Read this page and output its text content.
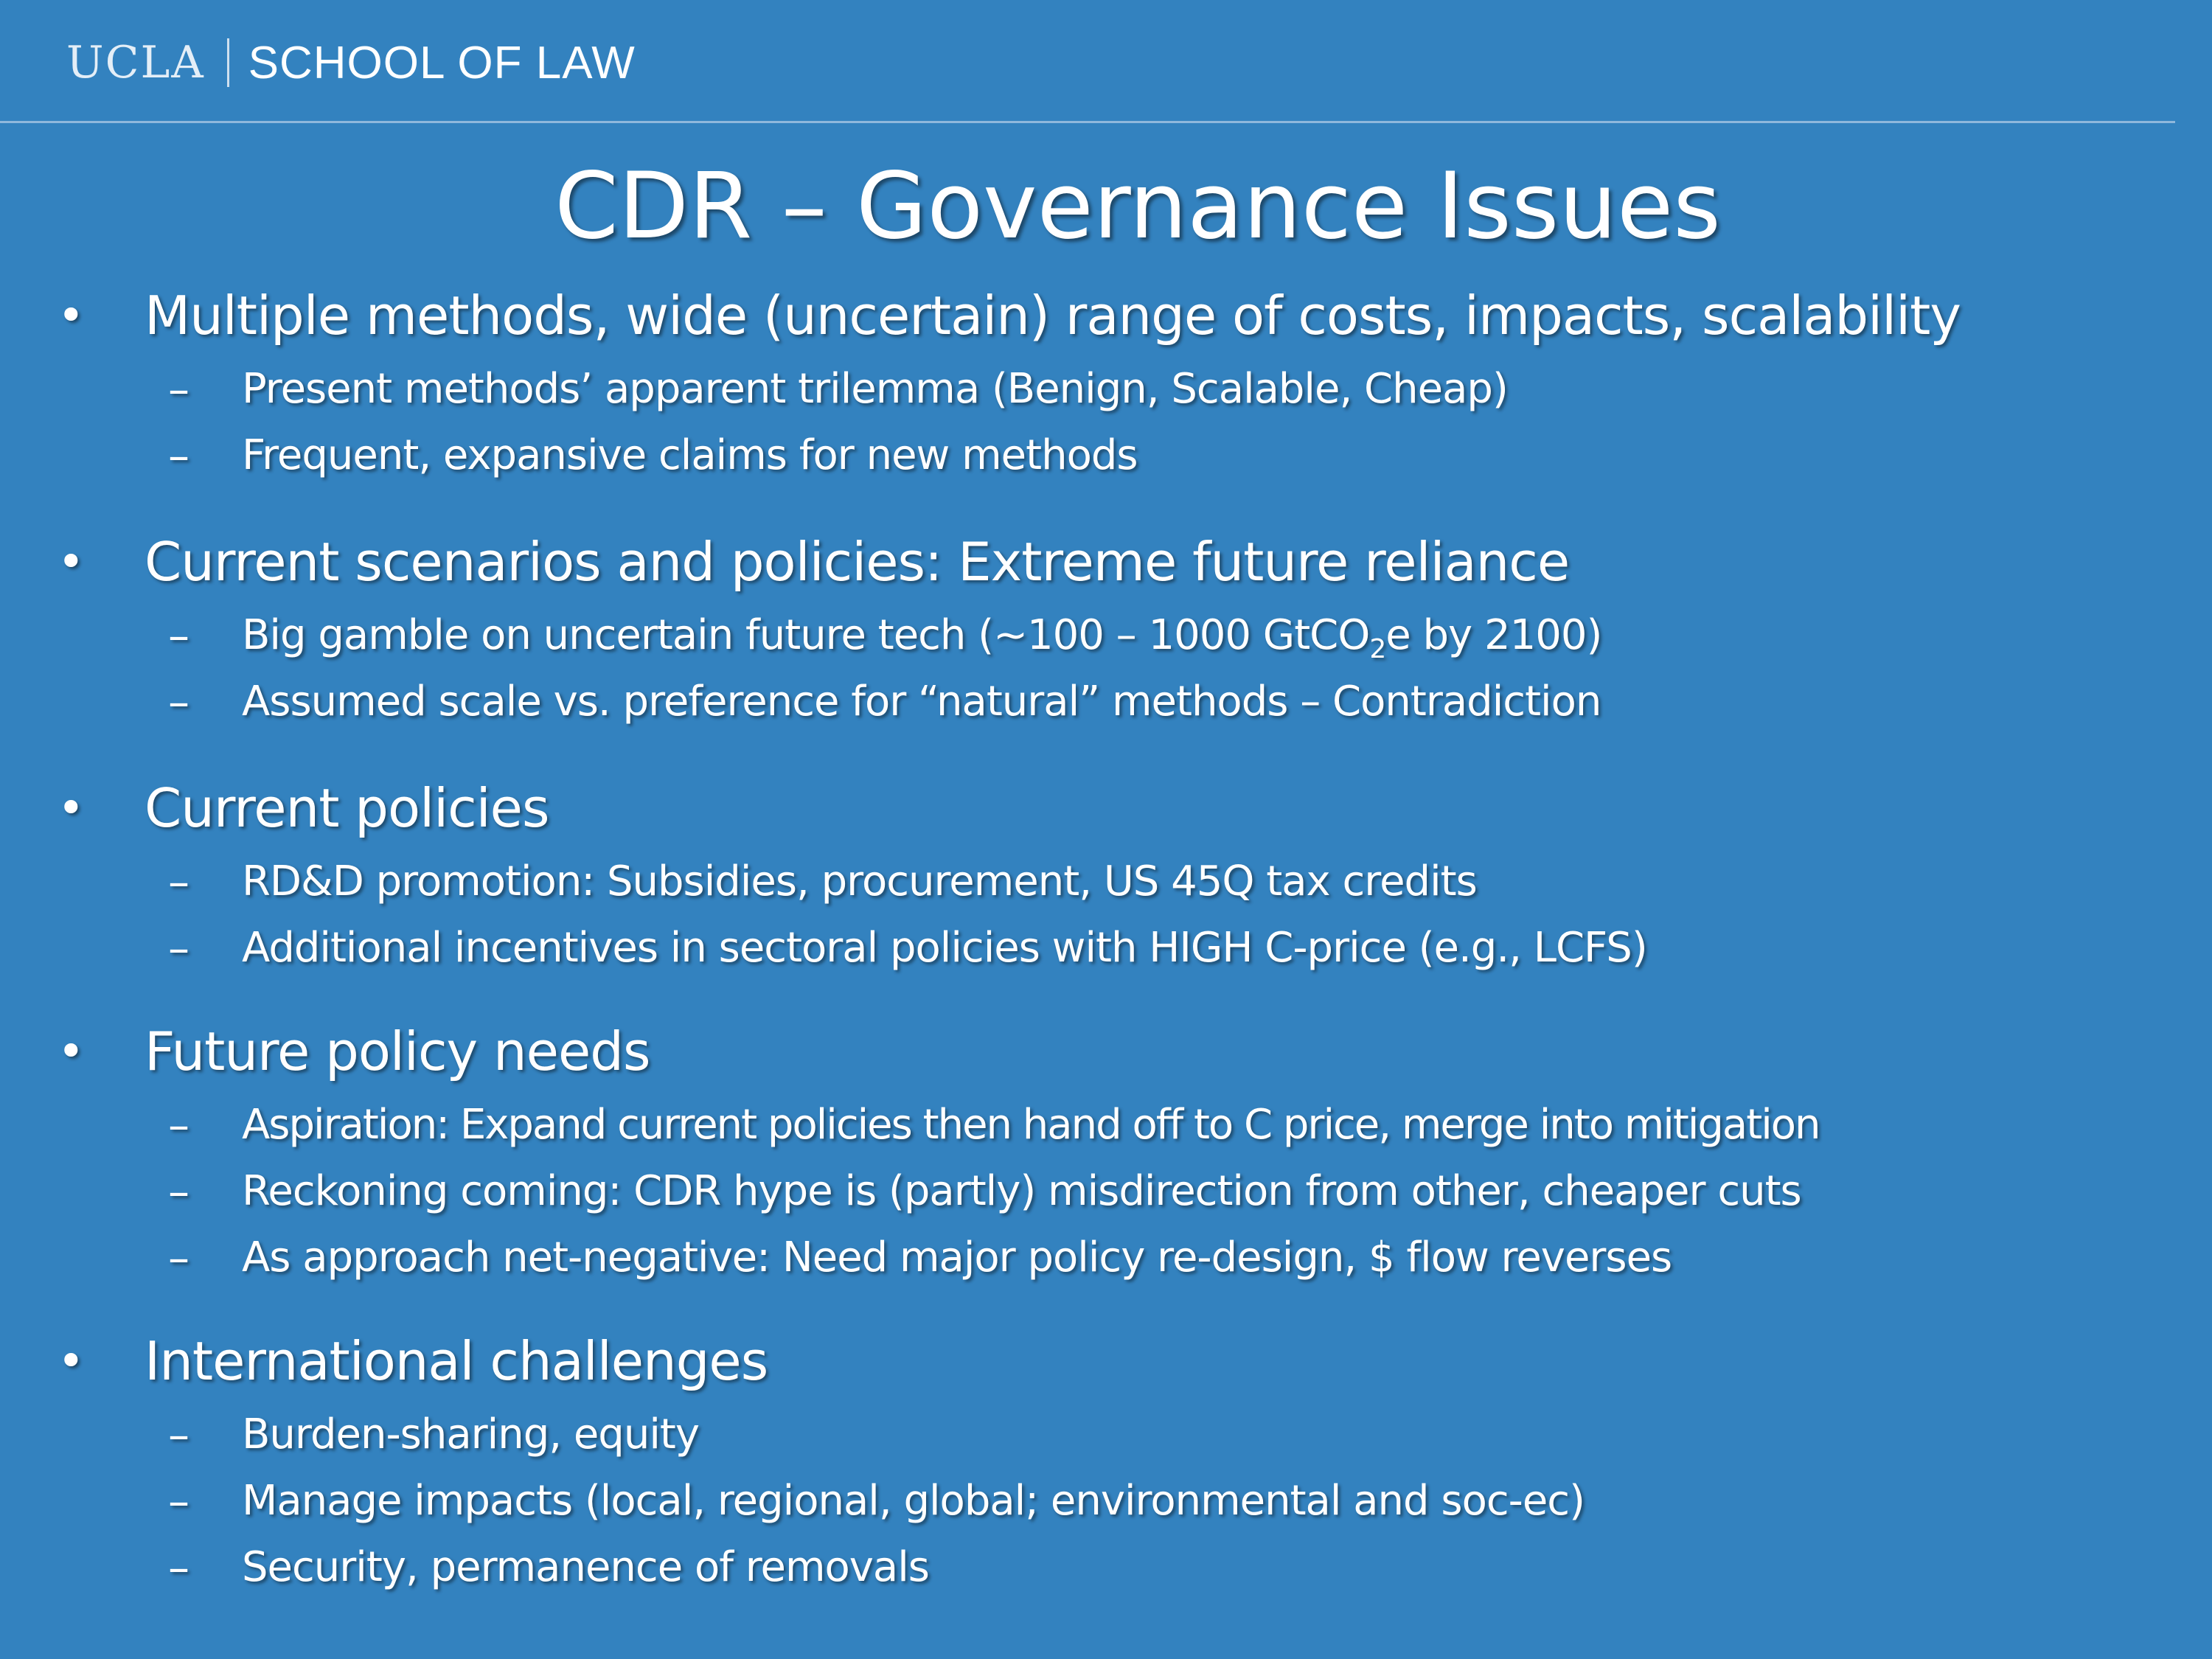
UCLA SCHOOL OF LAW
CDR – Governance Issues
• Multiple methods, wide (uncertain) range of costs, impacts, scalability
– Present methods’ apparent trilemma (Benign, Scalable, Cheap)
– Frequent, expansive claims for new methods
• Current scenarios and policies: Extreme future reliance
– Big gamble on uncertain future tech (~100 – 1000 GtCO$_2$e by 2100)
– Assumed scale vs. preference for “natural” methods – Contradiction
• Current policies
– RD&D promotion: Subsidies, procurement, US 45Q tax credits
– Additional incentives in sectoral policies with HIGH C-price (e.g., LCFS)
• Future policy needs
– Aspiration: Expand current policies then hand off to C price, merge into mitigation
– Reckoning coming: CDR hype is (partly) misdirection from other, cheaper cuts
– As approach net-negative: Need major policy re-design, $ flow reverses
• International challenges
– Burden-sharing, equity
– Manage impacts (local, regional, global; environmental and soc-ec)
– Security, permanence of removals
